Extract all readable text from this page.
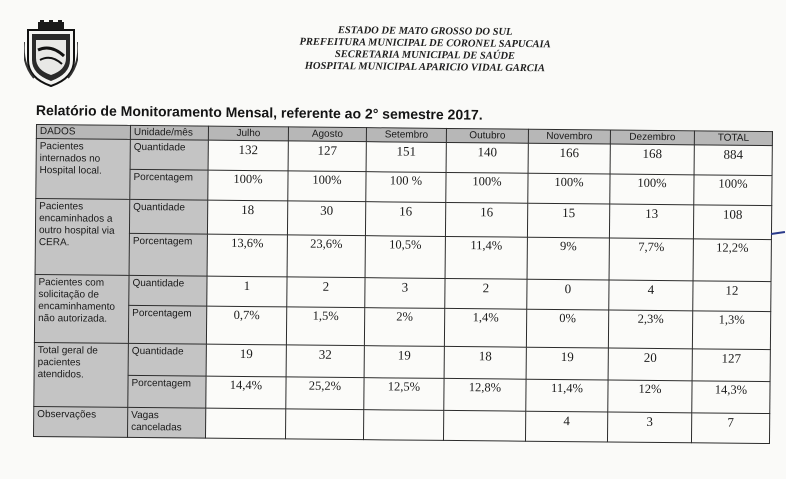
ESTADO DE MATO GROSSO DO SUL
PREFEITURA MUNICIPAL DE CORONEL SAPUCAIA
SECRETARIA MUNICIPAL DE SAÚDE
HOSPITAL MUNICIPAL APARICIO VIDAL GARCIA
Relatório de Monitoramento Mensal, referente ao 2° semestre 2017.
DADOS	Unidade/mês	Julho	Agosto	Setembro	Outubro	Novembro	Dezembro	TOTAL
Pacientes internados no Hospital local.	Quantidade	132	127	151	140	166	168	884
	Porcentagem	100%	100%	100 %	100%	100%	100%	100%
Pacientes encaminhados a outro hospital via CERA.	Quantidade	18	30	16	16	15	13	108
	Porcentagem	13,6%	23,6%	10,5%	11,4%	9%	7,7%	12,2%
Pacientes com solicitação de encaminhamento não autorizada.	Quantidade	1	2	3	2	0	4	12
	Porcentagem	0,7%	1,5%	2%	1,4%	0%	2,3%	1,3%
Total geral de pacientes atendidos.	Quantidade	19	32	19	18	19	20	127
	Porcentagem	14,4%	25,2%	12,5%	12,8%	11,4%	12%	14,3%
Observações	Vagas canceladas					4	3	7
